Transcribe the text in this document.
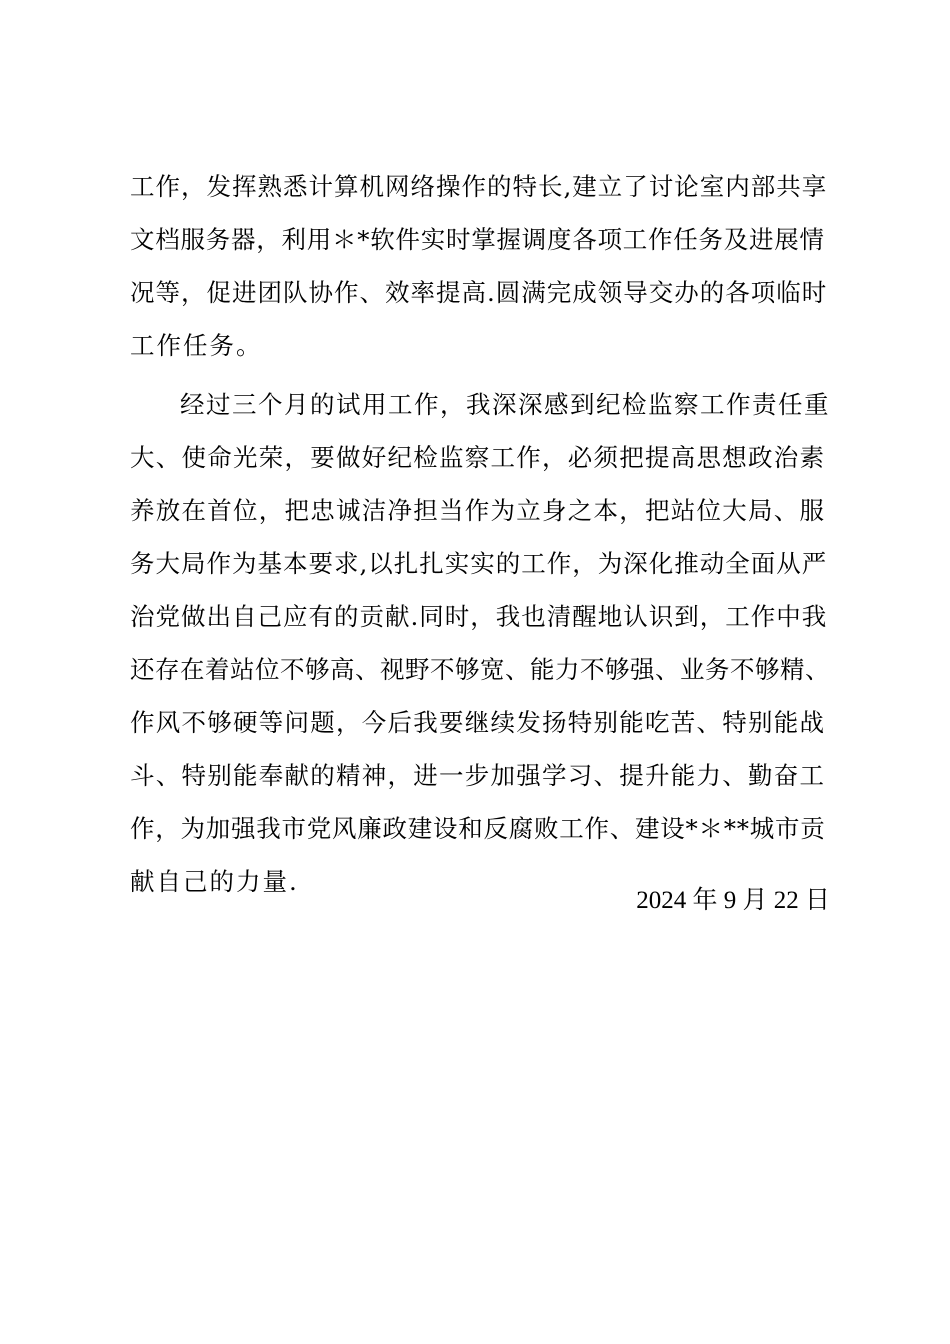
工作，发挥熟悉计算机网络操作的特长,建立了讨论室内部共享
文档服务器，利用＊*软件实时掌握调度各项工作任务及进展情
况等，促进团队协作、效率提高.圆满完成领导交办的各项临时
工作任务。
经过三个月的试用工作，我深深感到纪检监察工作责任重
大、使命光荣，要做好纪检监察工作，必须把提高思想政治素
养放在首位，把忠诚洁净担当作为立身之本，把站位大局、服
务大局作为基本要求,以扎扎实实的工作，为深化推动全面从严
治党做出自己应有的贡献.同时，我也清醒地认识到，工作中我
还存在着站位不够高、视野不够宽、能力不够强、业务不够精、
作风不够硬等问题，今后我要继续发扬特别能吃苦、特别能战
斗、特别能奉献的精神，进一步加强学习、提升能力、勤奋工
作，为加强我市党风廉政建设和反腐败工作、建设*＊**城市贡
献自己的力量.
2024 年 9 月 22 日
